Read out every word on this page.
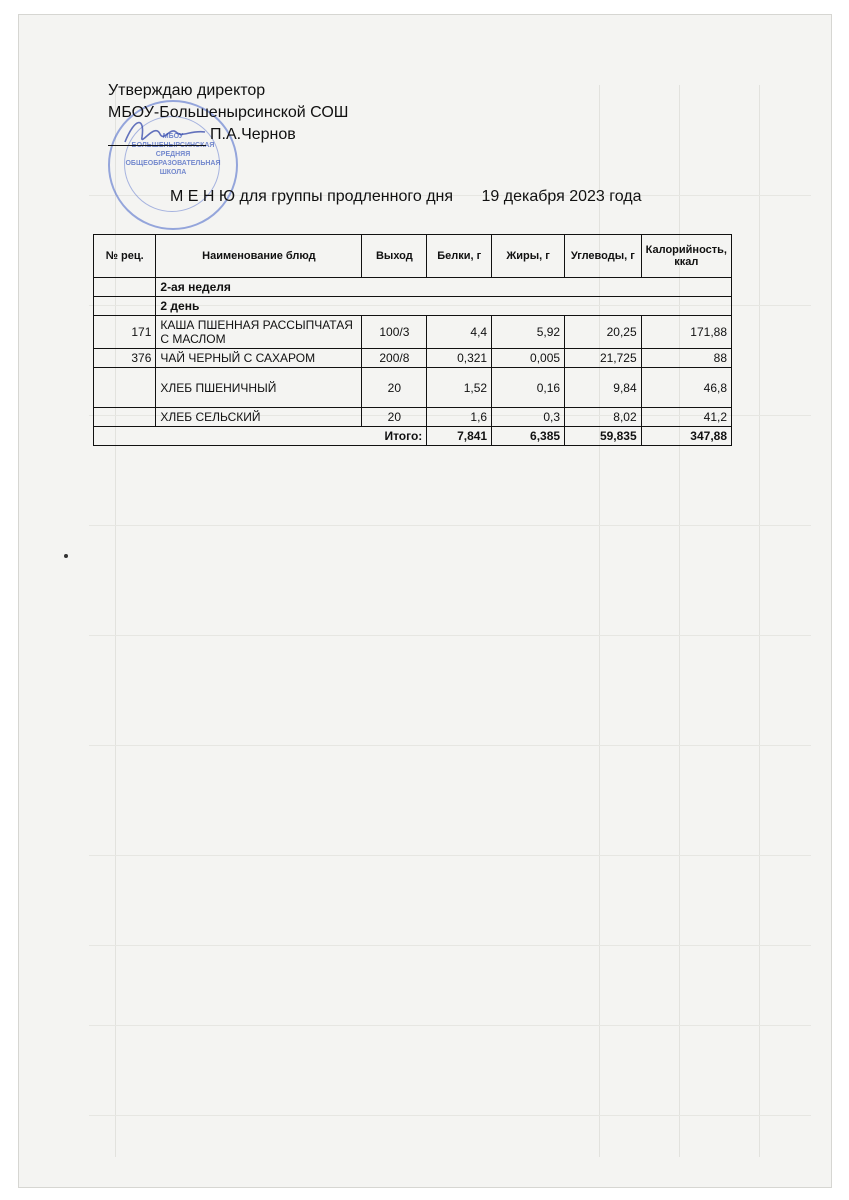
МБОУ
БОЛЬШЕНЫРСИНСКАЯ
СРЕДНЯЯ
ОБЩЕОБРАЗОВАТЕЛЬНАЯ
ШКОЛА
Утверждаю директор
МБОУ-Большенырсинской СОШ
П.А.Чернов
М Е Н Ю для группы продленного дня 19 декабря 2023 года
№ рец.	Наименование блюд	Выход	Белки, г	Жиры, г	Углеводы, г	Калорийность, ккал
	2-ая неделя					
	2 день					
171	КАША ПШЕННАЯ РАССЫПЧАТАЯ С МАСЛОМ	100/3	4,4	5,92	20,25	171,88
376	ЧАЙ ЧЕРНЫЙ С САХАРОМ	200/8	0,321	0,005	21,725	88
	ХЛЕБ ПШЕНИЧНЫЙ	20	1,52	0,16	9,84	46,8
	ХЛЕБ СЕЛЬСКИЙ	20	1,6	0,3	8,02	41,2
Итого:			7,841	6,385	59,835	347,88
